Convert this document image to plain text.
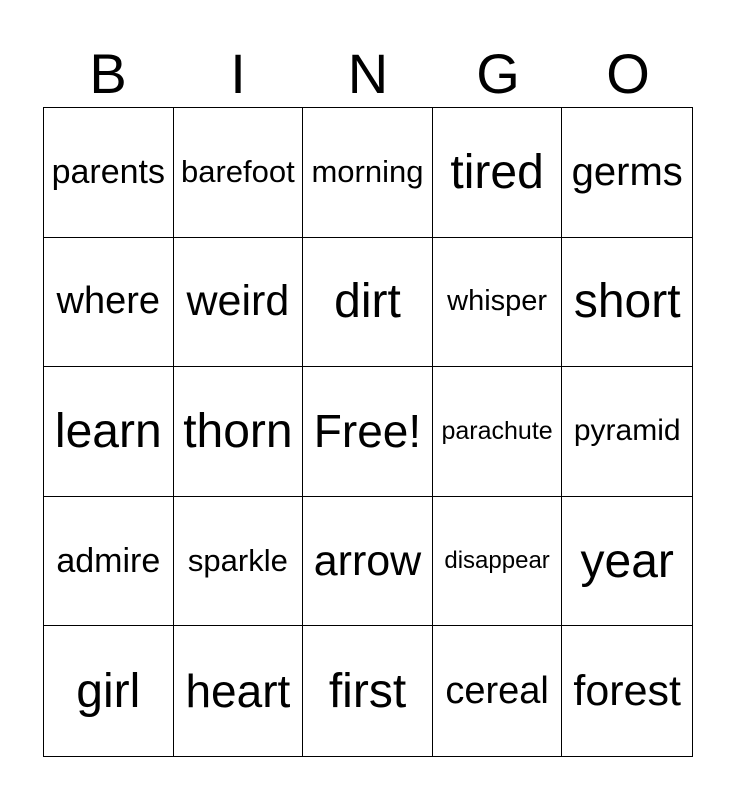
B	I	N	G	O
parents barefoot morning tired germs
where weird dirt	whisper short
learn thorn Free! parachute pyramid
admire sparkle arrow disappear year
girl heart first	cereal forest
